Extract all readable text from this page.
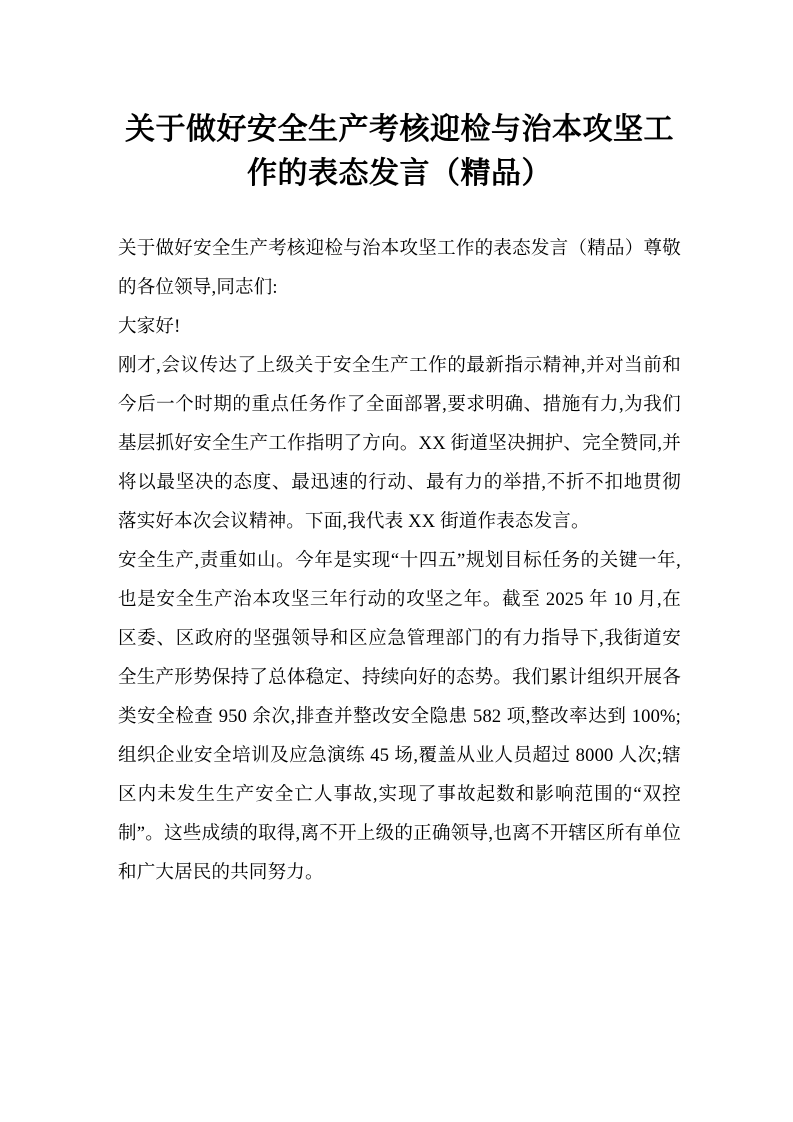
关于做好安全生产考核迎检与治本攻坚工作的表态发言（精品）

关于做好安全生产考核迎检与治本攻坚工作的表态发言（精品）尊敬的各位领导,同志们:

大家好!

刚才,会议传达了上级关于安全生产工作的最新指示精神,并对当前和今后一个时期的重点任务作了全面部署,要求明确、措施有力,为我们基层抓好安全生产工作指明了方向。XX 街道坚决拥护、完全赞同,并将以最坚决的态度、最迅速的行动、最有力的举措,不折不扣地贯彻落实好本次会议精神。下面,我代表 XX 街道作表态发言。

安全生产,责重如山。今年是实现“十四五”规划目标任务的关键一年,也是安全生产治本攻坚三年行动的攻坚之年。截至 2025 年 10 月,在区委、区政府的坚强领导和区应急管理部门的有力指导下,我街道安全生产形势保持了总体稳定、持续向好的态势。我们累计组织开展各类安全检查 950 余次,排查并整改安全隐患 582 项,整改率达到 100%;组织企业安全培训及应急演练 45 场,覆盖从业人员超过 8000 人次;辖区内未发生生产安全亡人事故,实现了事故起数和影响范围的“双控制”。这些成绩的取得,离不开上级的正确领导,也离不开辖区所有单位和广大居民的共同努力。
